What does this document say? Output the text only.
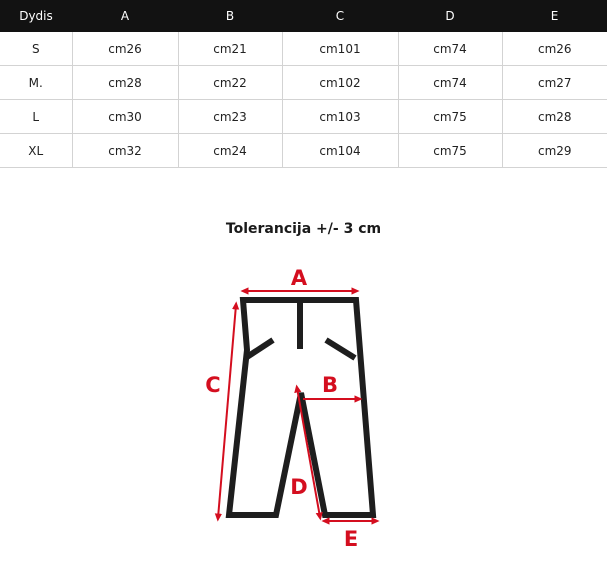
Dydis	A	B	C	D	E
S	cm26	cm21	cm101	cm74	cm26
M.	cm28	cm22	cm102	cm74	cm27
L	cm30	cm23	cm103	cm75	cm28
XL	cm32	cm24	cm104	cm75	cm29
Tolerancija +/- 3 cm
A
B
C
D
E
